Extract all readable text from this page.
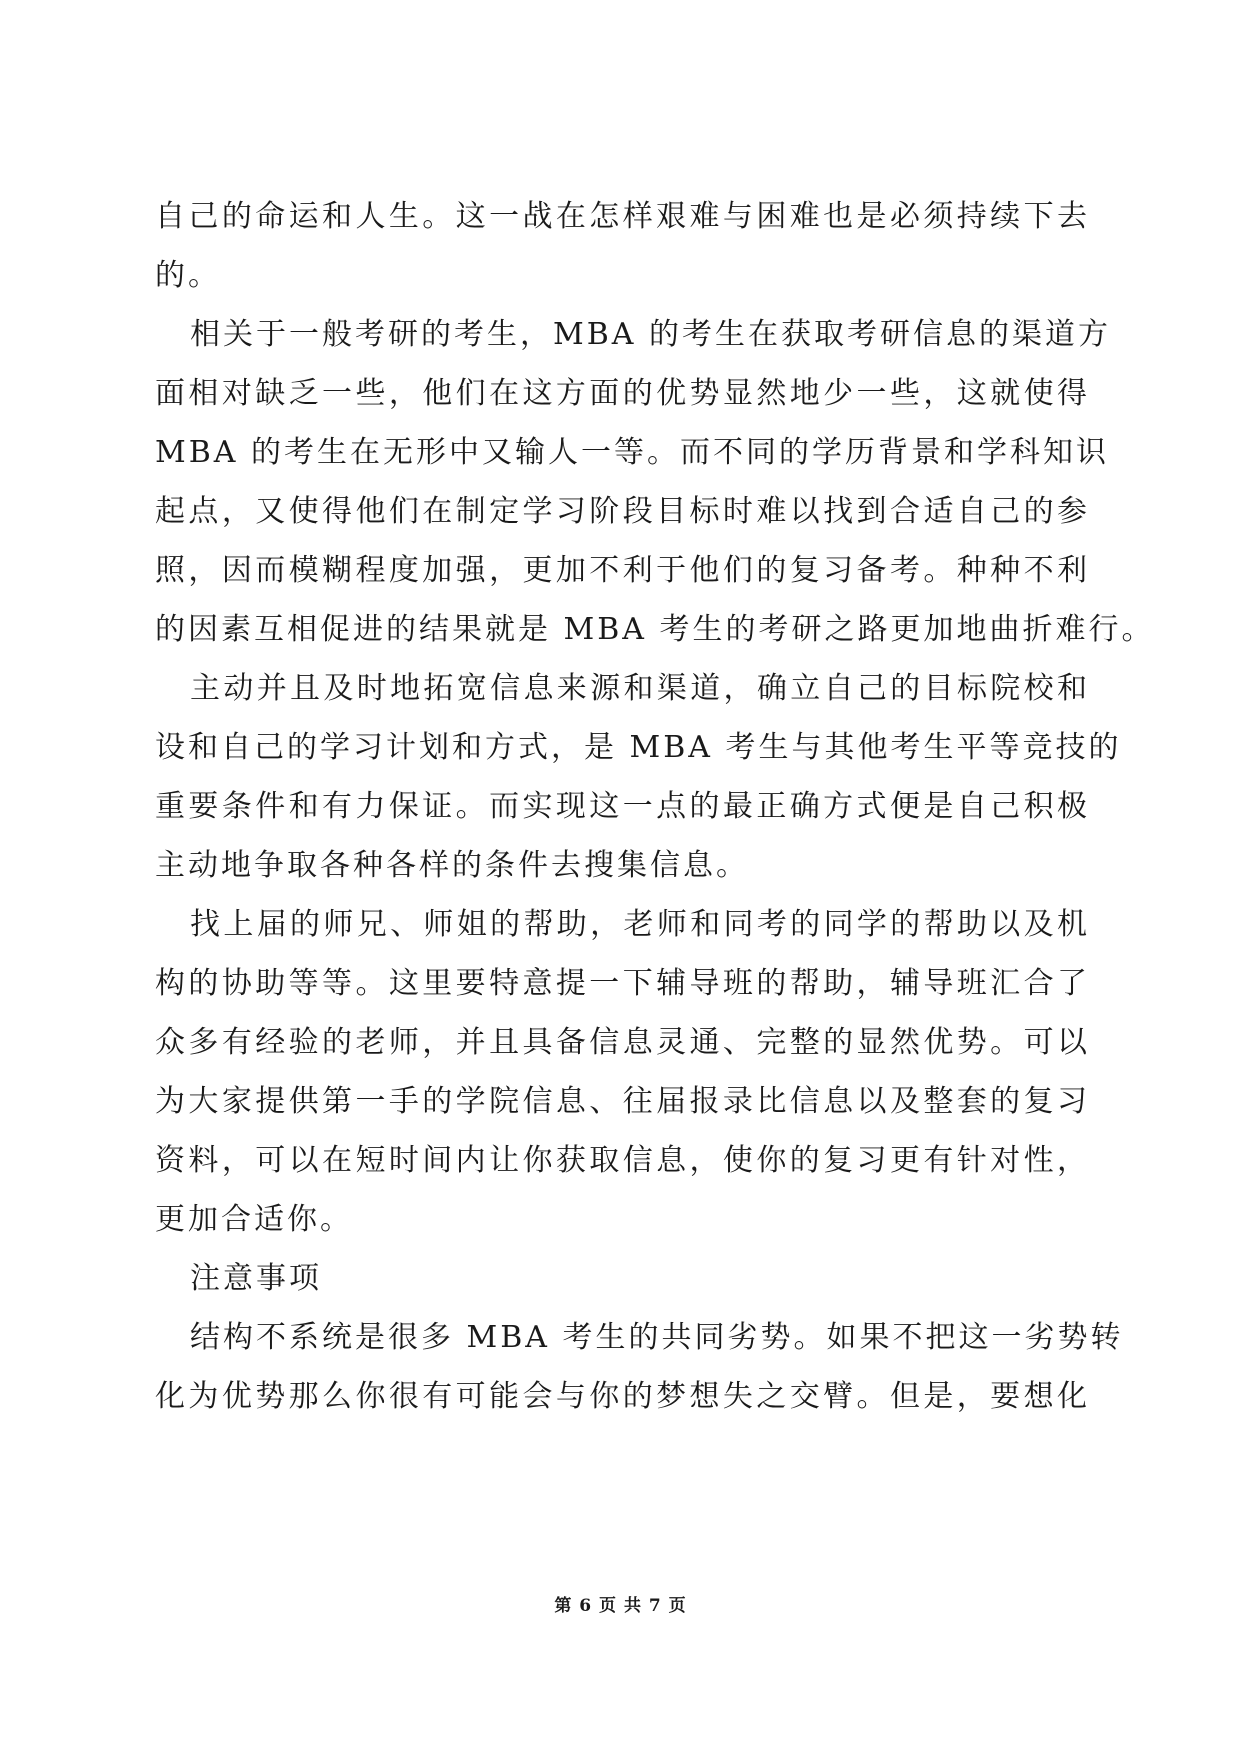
自己的命运和人生。这一战在怎样艰难与困难也是必须持续下去
的。
相关于一般考研的考生，MBA 的考生在获取考研信息的渠道方
面相对缺乏一些，他们在这方面的优势显然地少一些，这就使得
MBA 的考生在无形中又输人一等。而不同的学历背景和学科知识
起点，又使得他们在制定学习阶段目标时难以找到合适自己的参
照，因而模糊程度加强，更加不利于他们的复习备考。种种不利
的因素互相促进的结果就是 MBA 考生的考研之路更加地曲折难行。
主动并且及时地拓宽信息来源和渠道，确立自己的目标院校和
设和自己的学习计划和方式，是 MBA 考生与其他考生平等竞技的
重要条件和有力保证。而实现这一点的最正确方式便是自己积极
主动地争取各种各样的条件去搜集信息。
找上届的师兄、师姐的帮助，老师和同考的同学的帮助以及机
构的协助等等。这里要特意提一下辅导班的帮助，辅导班汇合了
众多有经验的老师，并且具备信息灵通、完整的显然优势。可以
为大家提供第一手的学院信息、往届报录比信息以及整套的复习
资料，可以在短时间内让你获取信息，使你的复习更有针对性，
更加合适你。
注意事项
结构不系统是很多 MBA 考生的共同劣势。如果不把这一劣势转
化为优势那么你很有可能会与你的梦想失之交臂。但是，要想化
第 6 页 共 7 页
